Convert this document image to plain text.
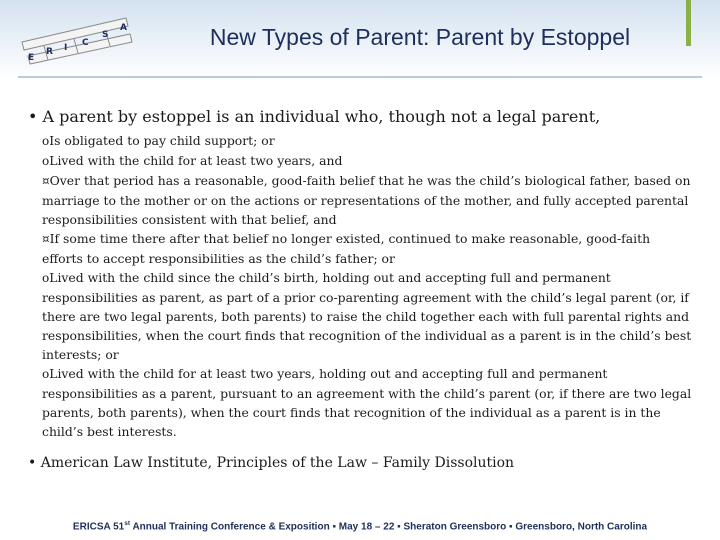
E
R I C
S
A	New Types of Parent: Parent by Estoppel
• A parent by estoppel is an individual who, though not a legal parent,
oIs obligated to pay child support; or
oLived with the child for at least two years, and
¤Over that period has a reasonable, good-faith belief that he was the child’s biological father, based on marriage to the mother or on the actions or representations of the mother, and fully accepted parental responsibilities consistent with that belief, and
¤If some time there after that belief no longer existed, continued to make reasonable, good-faith efforts to accept responsibilities as the child’s father; or
oLived with the child since the child’s birth, holding out and accepting full and permanent responsibilities as parent, as part of a prior co-parenting agreement with the child’s legal parent (or, if there are two legal parents, both parents) to raise the child together each with full parental rights and responsibilities, when the court finds that recognition of the individual as a parent is in the child’s best interests; or
oLived with the child for at least two years, holding out and accepting full and permanent responsibilities as a parent, pursuant to an agreement with the child’s parent (or, if there are two legal parents, both parents), when the court finds that recognition of the individual as a parent is in the child’s best interests.
• American Law Institute, Principles of the Law – Family Dissolution
ERICSA 51st Annual Training Conference & Exposition ▪ May 18 – 22 ▪ Sheraton Greensboro ▪ Greensboro, North Carolina
